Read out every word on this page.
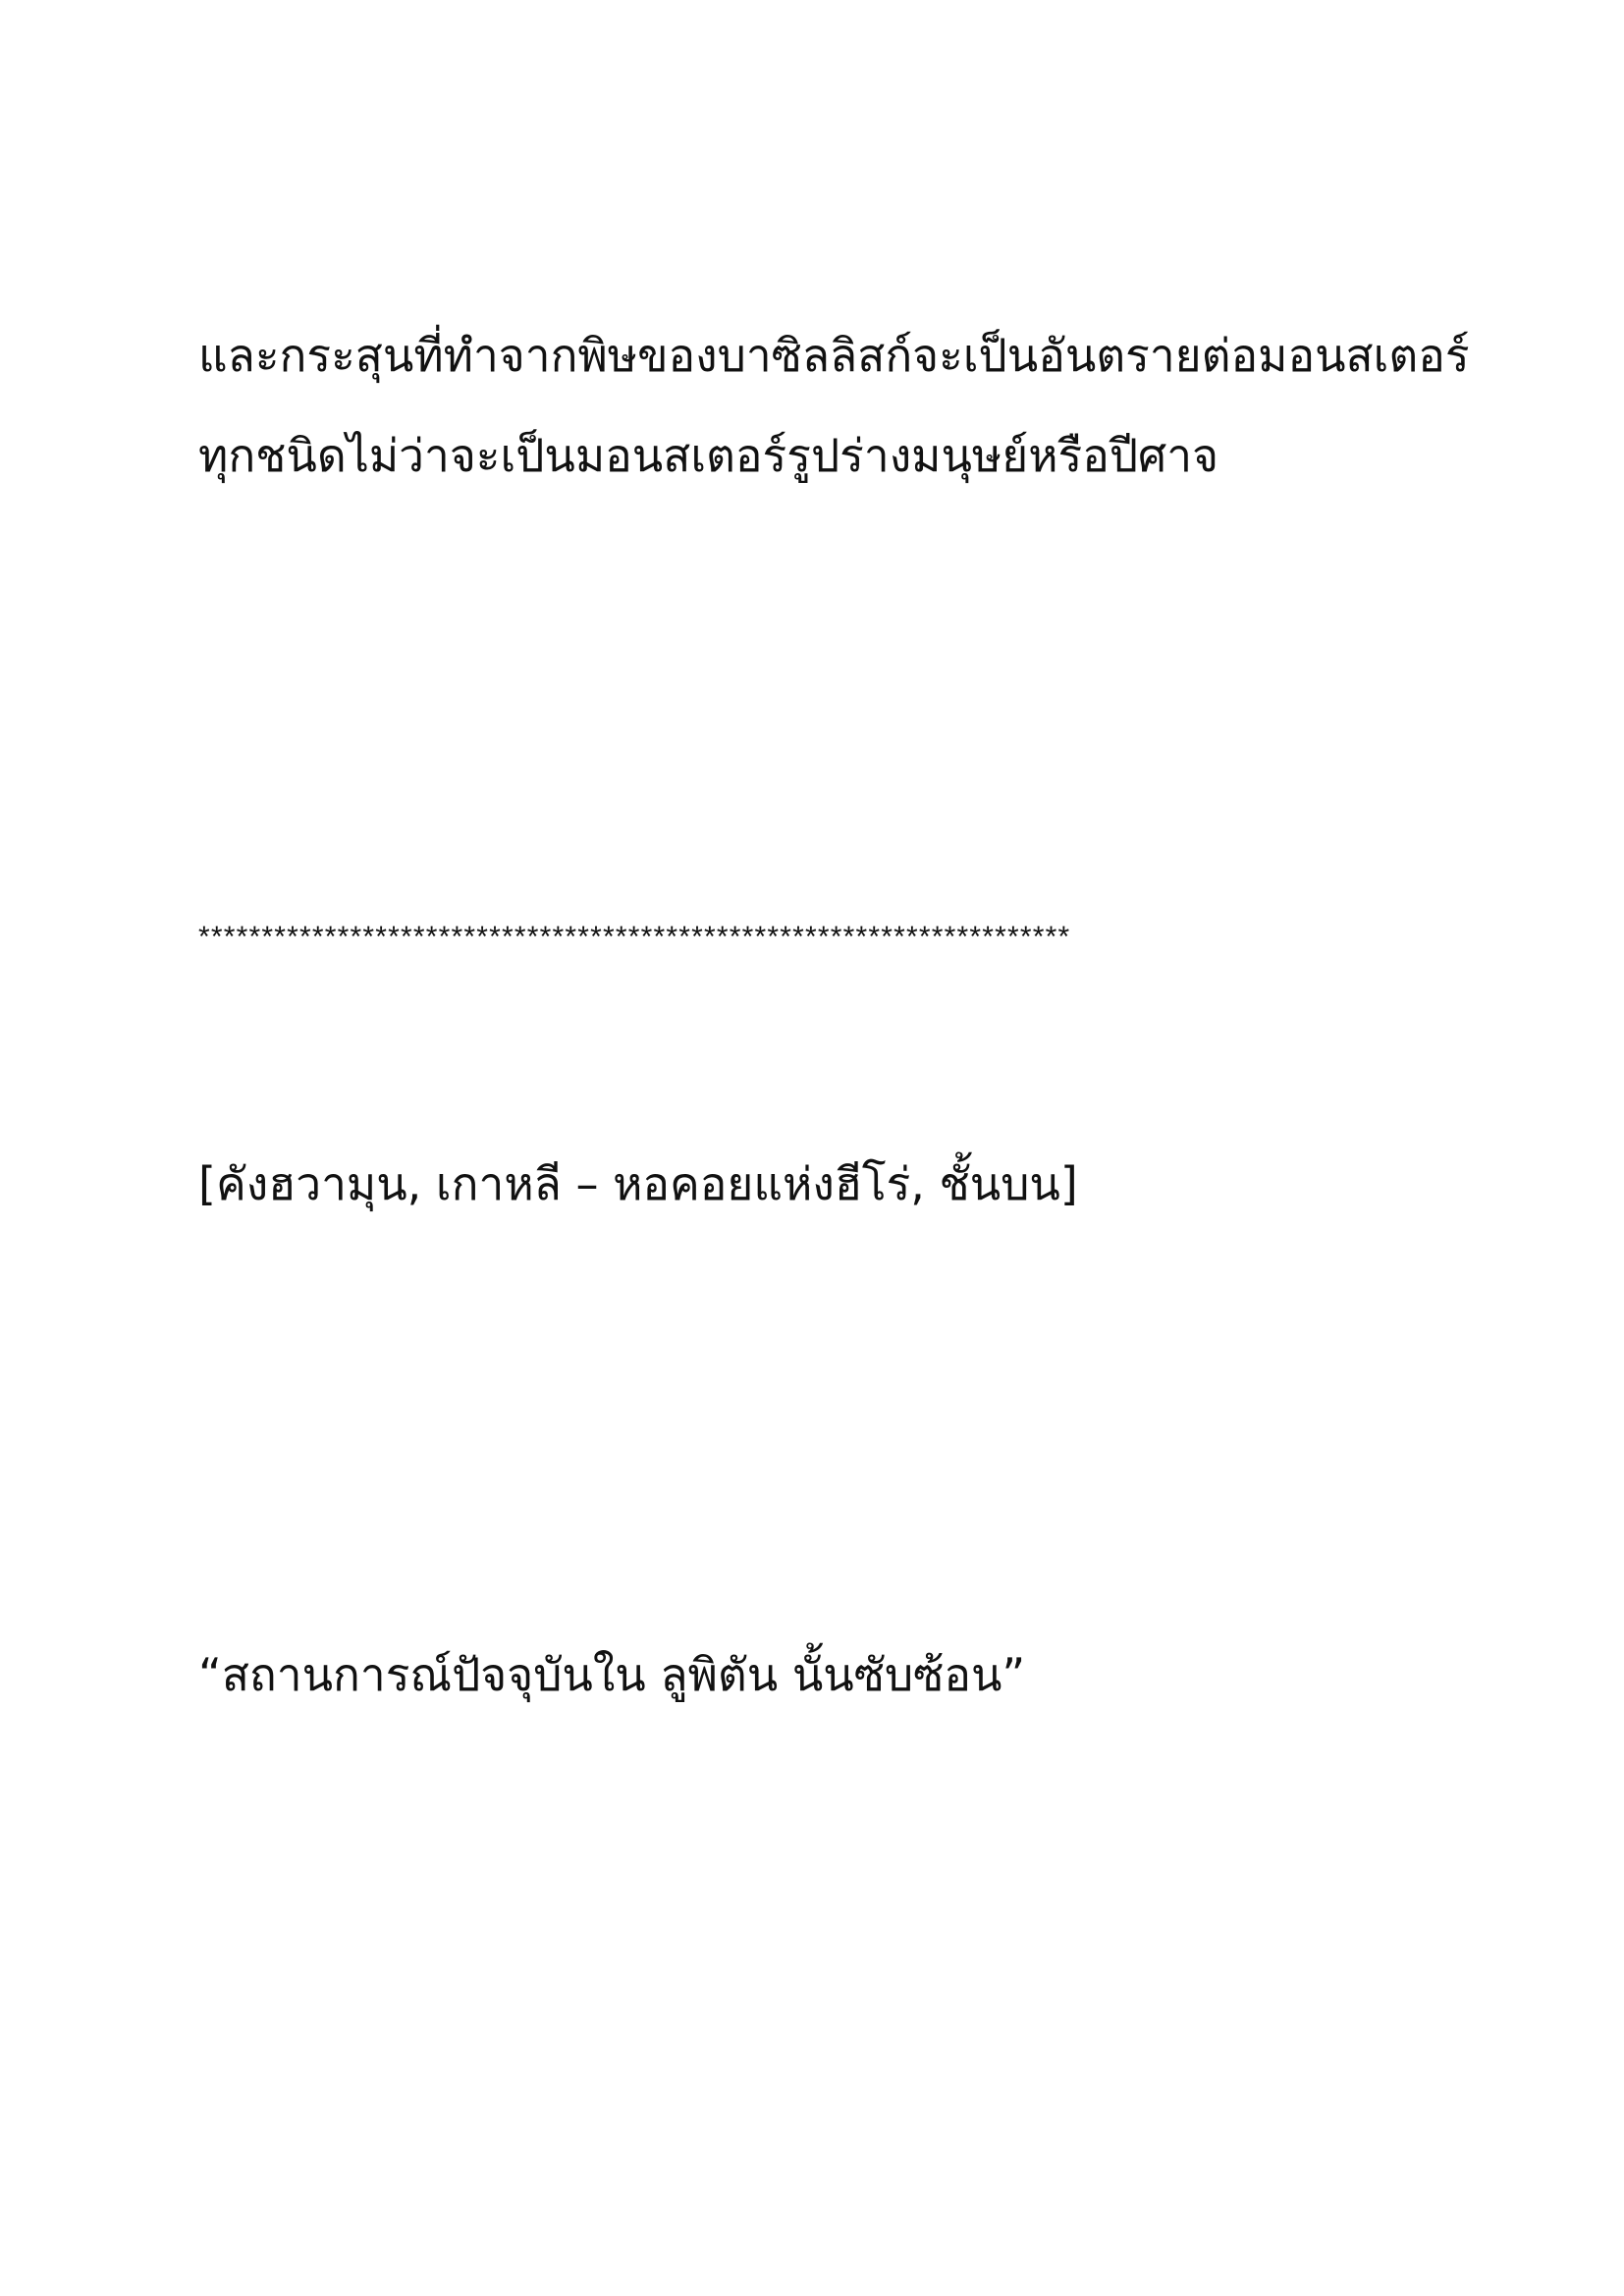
และกระสุนที่ทำจากพิษของบาซิลลิสก์จะเป็นอันตรายต่อมอนสเตอร์
ทุกชนิดไม่ว่าจะเป็นมอนสเตอร์รูปร่างมนุษย์หรือปีศาจ
*********************************************************************
[คังฮวามุน, เกาหลี – หอคอยแห่งฮีโร่, ชั้นบน]
“สถานการณ์ปัจจุบันใน ลูพิตัน นั้นซับซ้อน”
